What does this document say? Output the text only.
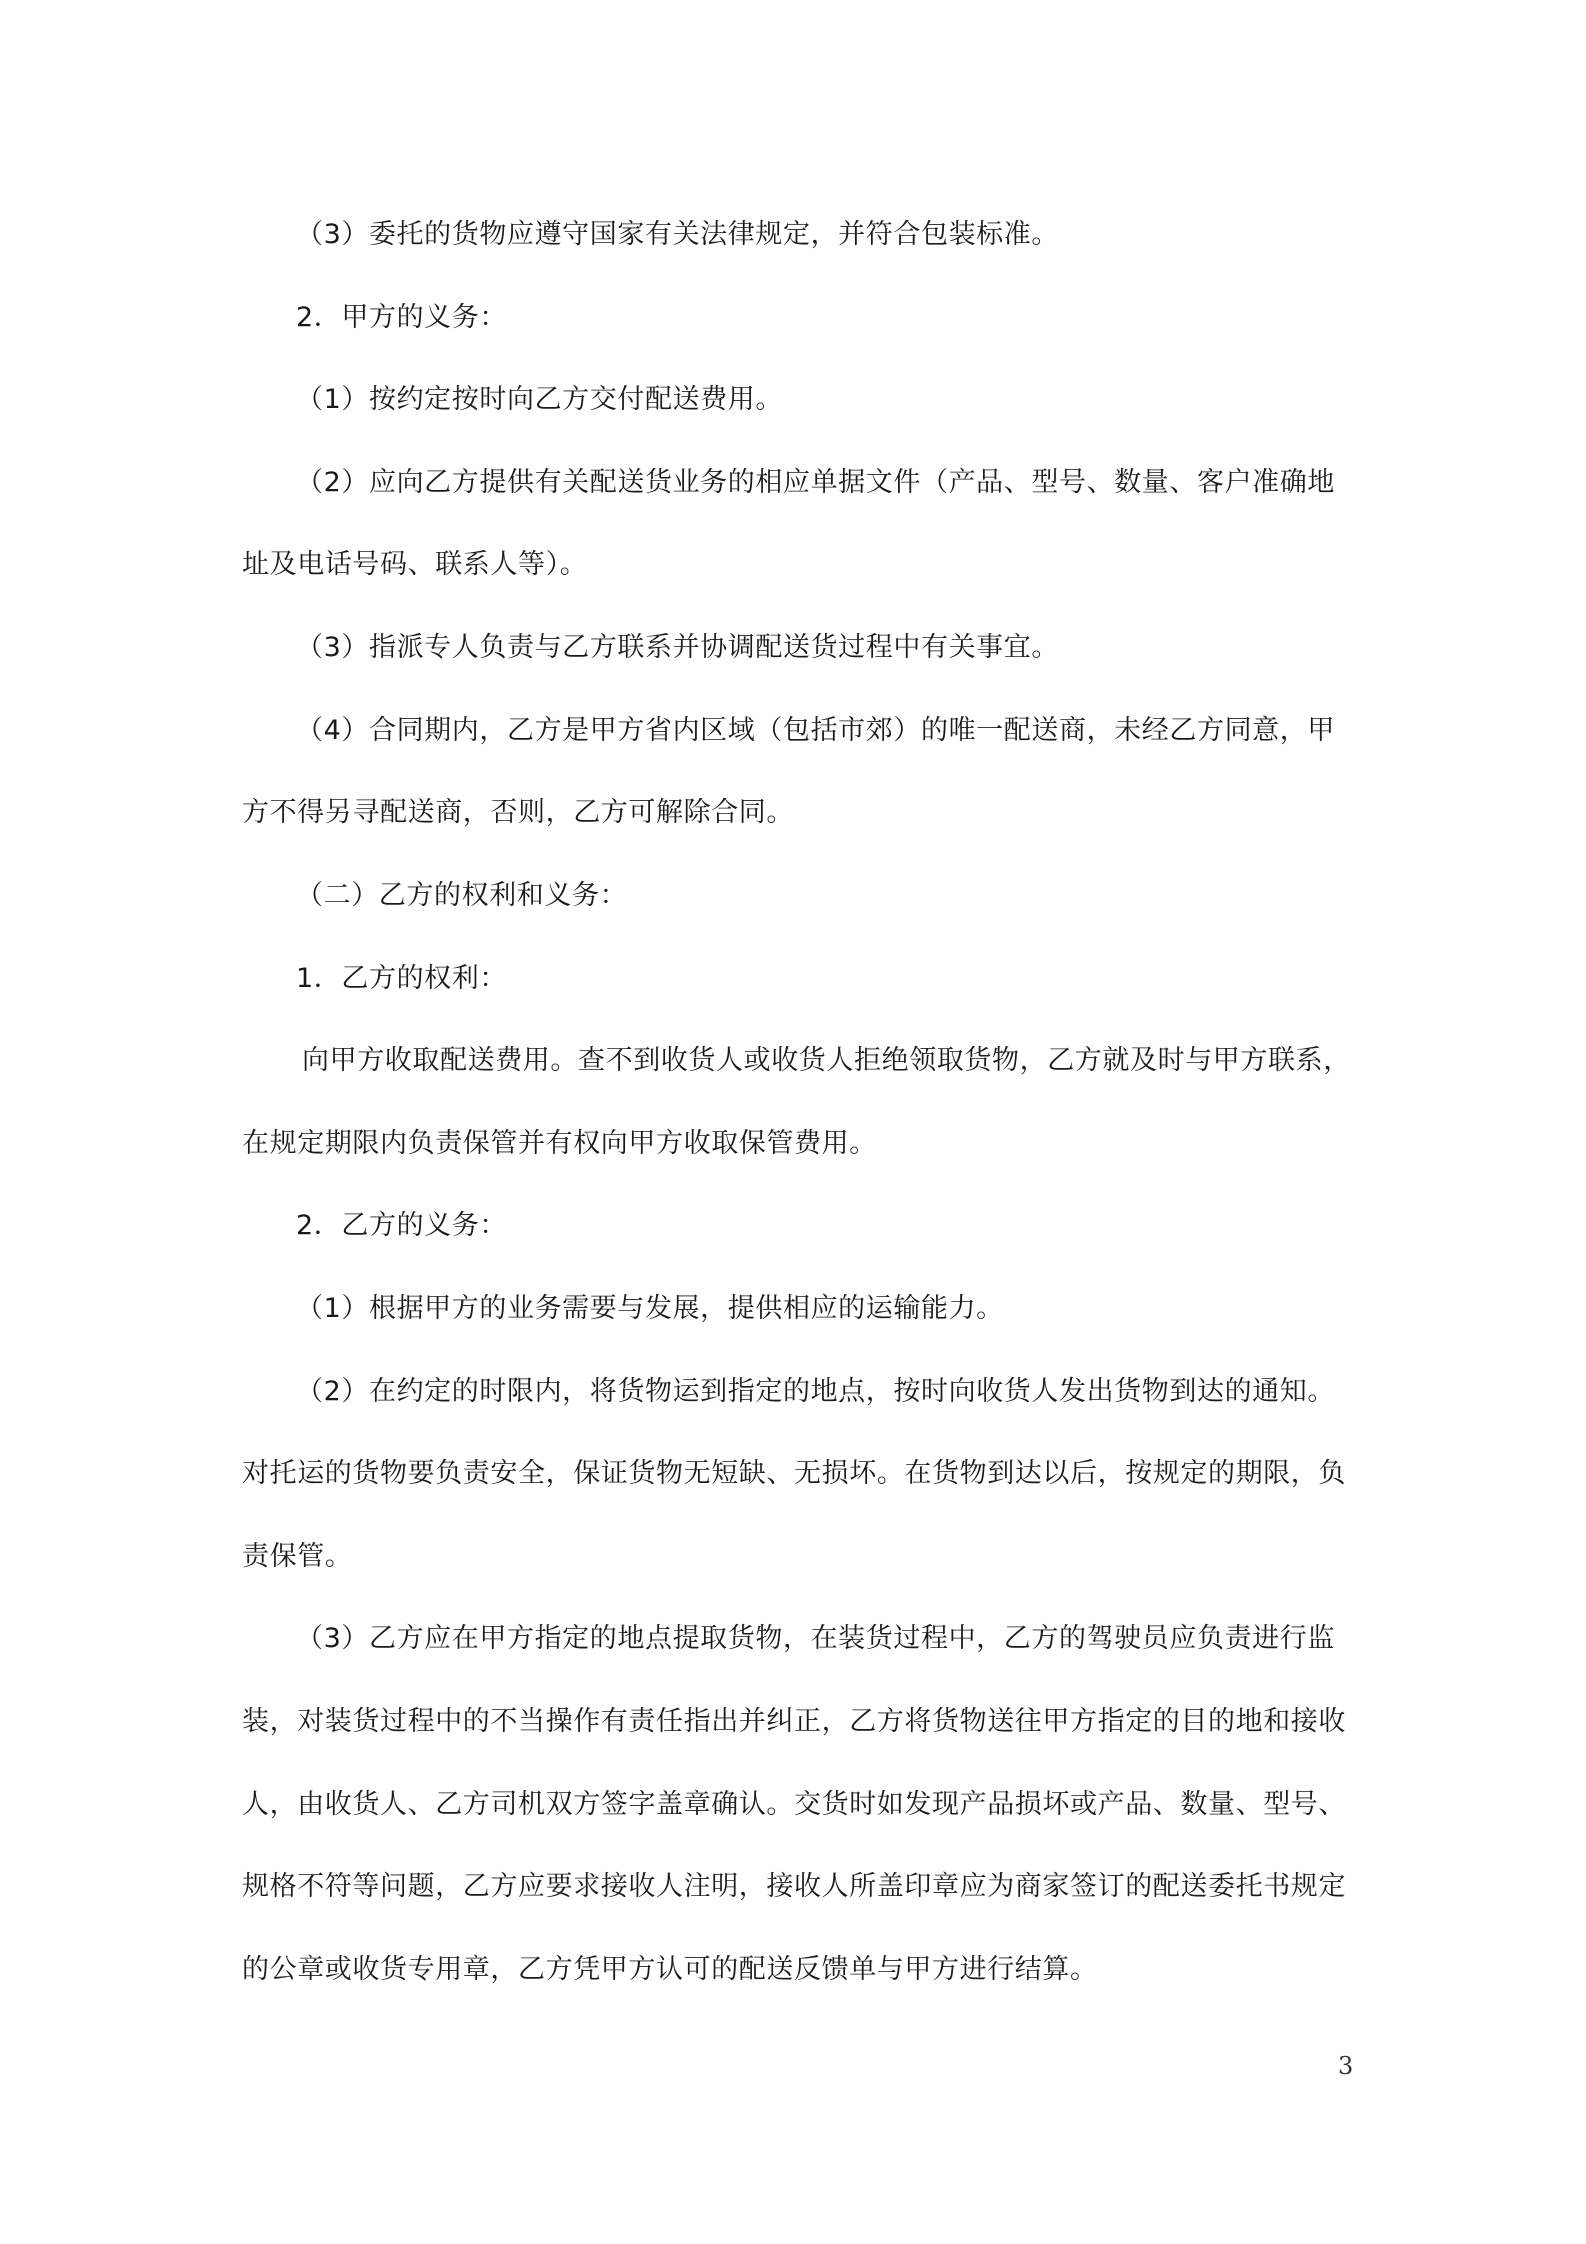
（3）委托的货物应遵守国家有关法律规定，并符合包装标准。
2．甲方的义务：
（1）按约定按时向乙方交付配送费用。
（2）应向乙方提供有关配送货业务的相应单据文件（产品、型号、数量、客户准确地
址及电话号码、联系人等）。
（3）指派专人负责与乙方联系并协调配送货过程中有关事宜。
（4）合同期内，乙方是甲方省内区域（包括市郊）的唯一配送商，未经乙方同意，甲
方不得另寻配送商，否则，乙方可解除合同。
（二）乙方的权利和义务：
1．乙方的权利：
向甲方收取配送费用。查不到收货人或收货人拒绝领取货物，乙方就及时与甲方联系，
在规定期限内负责保管并有权向甲方收取保管费用。
2．乙方的义务：
（1）根据甲方的业务需要与发展，提供相应的运输能力。
（2）在约定的时限内，将货物运到指定的地点，按时向收货人发出货物到达的通知。
对托运的货物要负责安全，保证货物无短缺、无损坏。在货物到达以后，按规定的期限，负
责保管。
（3）乙方应在甲方指定的地点提取货物，在装货过程中，乙方的驾驶员应负责进行监
装，对装货过程中的不当操作有责任指出并纠正，乙方将货物送往甲方指定的目的地和接收
人，由收货人、乙方司机双方签字盖章确认。交货时如发现产品损坏或产品、数量、型号、
规格不符等问题，乙方应要求接收人注明，接收人所盖印章应为商家签订的配送委托书规定
的公章或收货专用章，乙方凭甲方认可的配送反馈单与甲方进行结算。
3
